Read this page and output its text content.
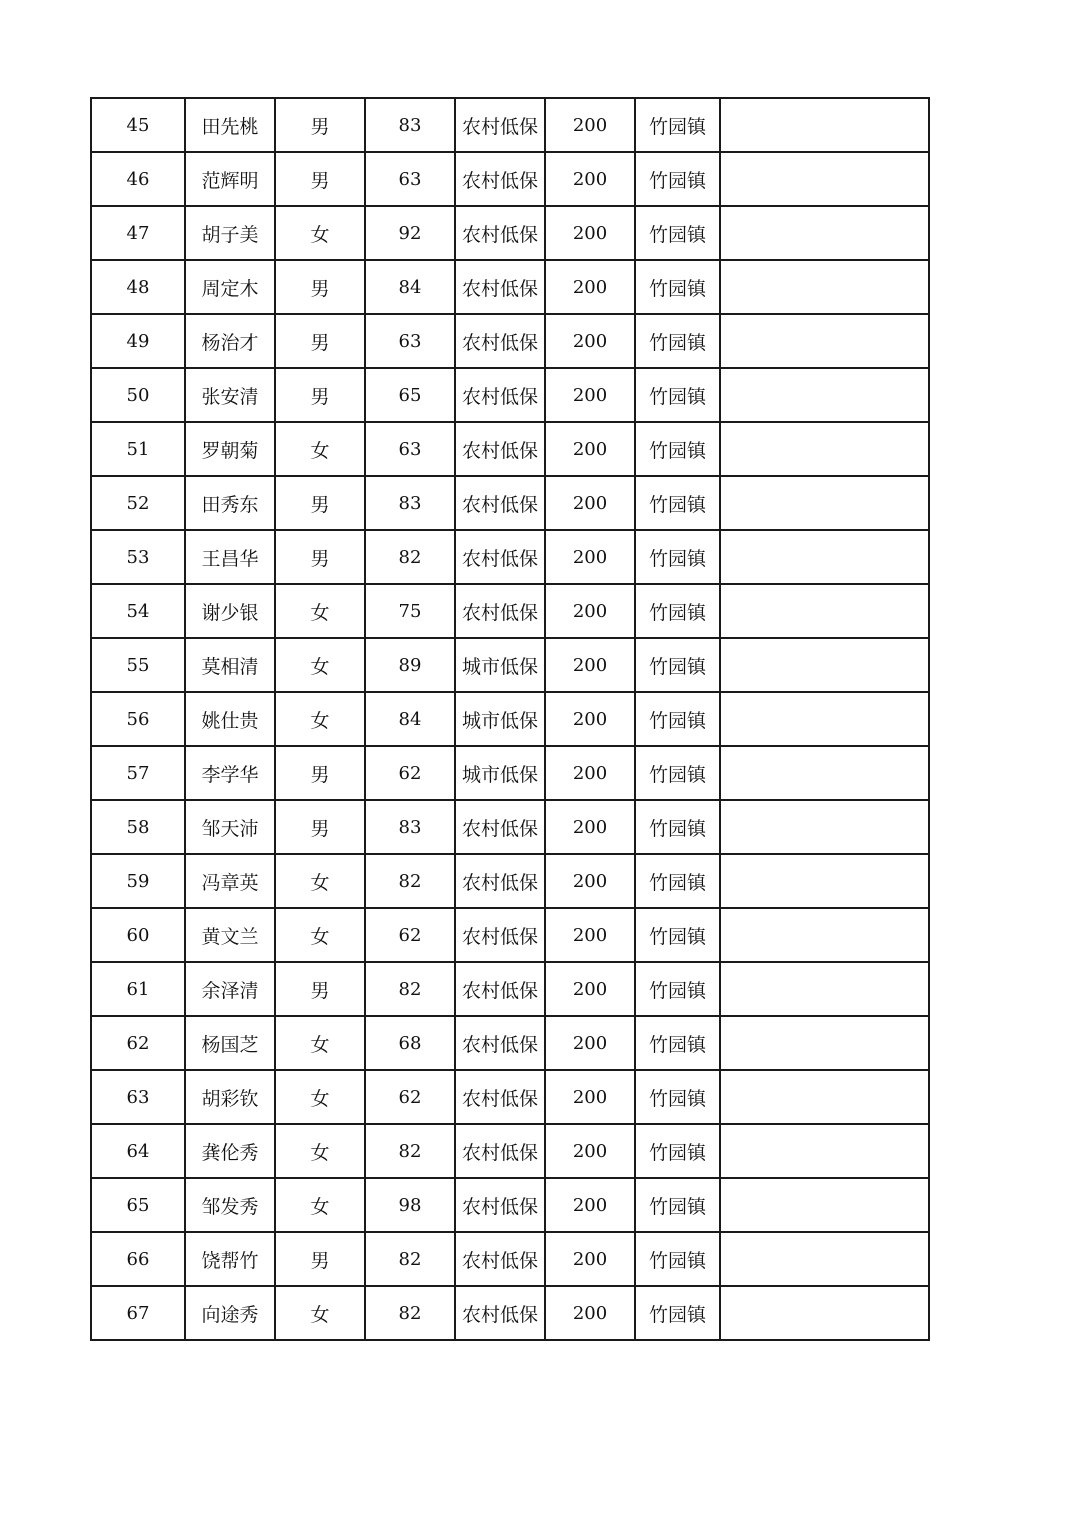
45	田先桃	男	83	农村低保	200	竹园镇	
46	范辉明	男	63	农村低保	200	竹园镇	
47	胡子美	女	92	农村低保	200	竹园镇	
48	周定木	男	84	农村低保	200	竹园镇	
49	杨治才	男	63	农村低保	200	竹园镇	
50	张安清	男	65	农村低保	200	竹园镇	
51	罗朝菊	女	63	农村低保	200	竹园镇	
52	田秀东	男	83	农村低保	200	竹园镇	
53	王昌华	男	82	农村低保	200	竹园镇	
54	谢少银	女	75	农村低保	200	竹园镇	
55	莫相清	女	89	城市低保	200	竹园镇	
56	姚仕贵	女	84	城市低保	200	竹园镇	
57	李学华	男	62	城市低保	200	竹园镇	
58	邹天沛	男	83	农村低保	200	竹园镇	
59	冯章英	女	82	农村低保	200	竹园镇	
60	黄文兰	女	62	农村低保	200	竹园镇	
61	余泽清	男	82	农村低保	200	竹园镇	
62	杨国芝	女	68	农村低保	200	竹园镇	
63	胡彩钦	女	62	农村低保	200	竹园镇	
64	龚伦秀	女	82	农村低保	200	竹园镇	
65	邹发秀	女	98	农村低保	200	竹园镇	
66	饶帮竹	男	82	农村低保	200	竹园镇	
67	向途秀	女	82	农村低保	200	竹园镇	
